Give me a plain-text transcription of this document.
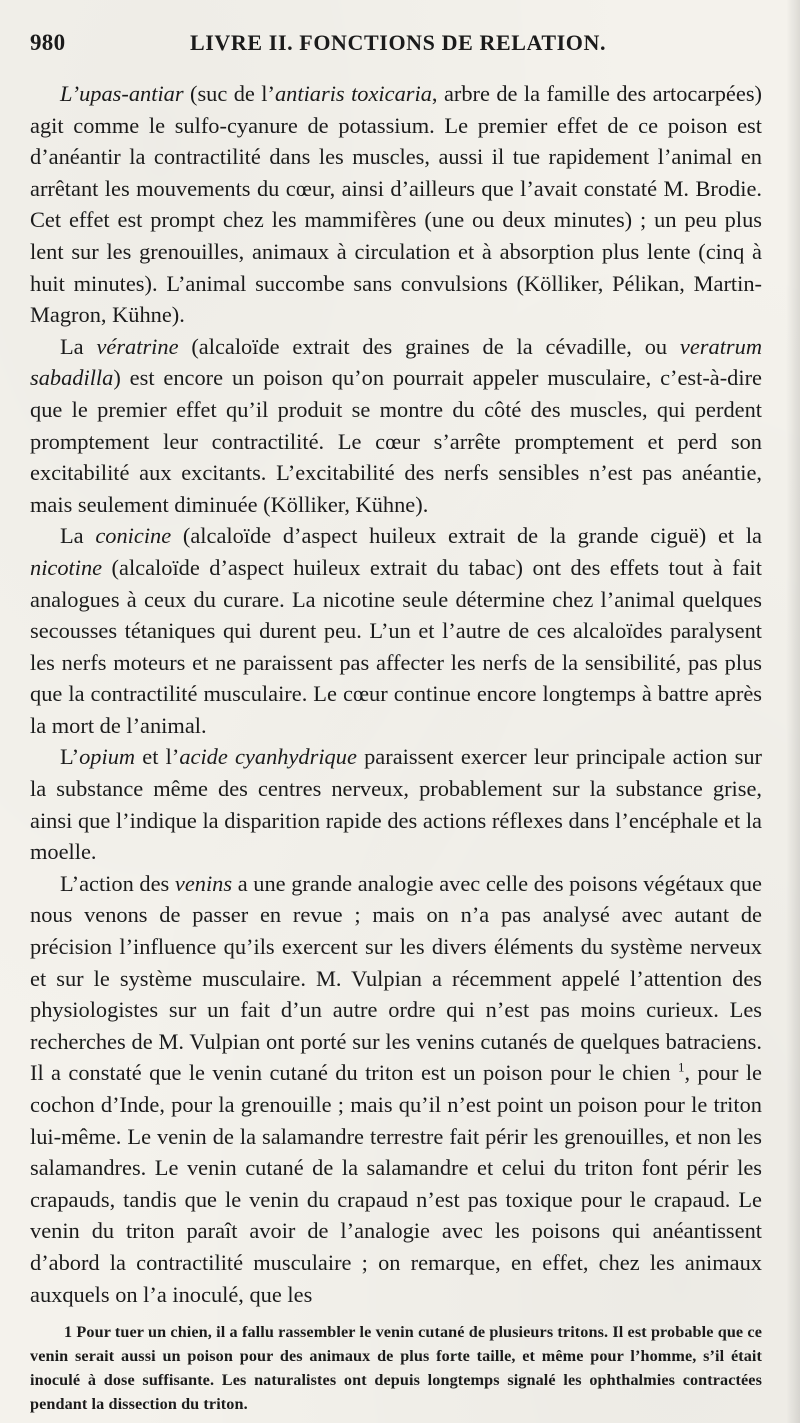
980	LIVRE II. FONCTIONS DE RELATION.

L’upas-antiar (suc de l’antiaris toxicaria, arbre de la famille des artocarpées) agit comme le sulfo-cyanure de potassium. Le premier effet de ce poison est d’anéantir la contractilité dans les muscles, aussi il tue rapidement l’animal en arrêtant les mouvements du cœur, ainsi d’ailleurs que l’avait constaté M. Brodie. Cet effet est prompt chez les mammifères (une ou deux minutes) ; un peu plus lent sur les grenouilles, animaux à circulation et à absorption plus lente (cinq à huit minutes). L’animal succombe sans convulsions (Kölliker, Pélikan, Martin-Magron, Kühne).

La vératrine (alcaloïde extrait des graines de la cévadille, ou veratrum sabadilla) est encore un poison qu’on pourrait appeler musculaire, c’est-à-dire que le premier effet qu’il produit se montre du côté des muscles, qui perdent promptement leur contractilité. Le cœur s’arrête promptement et perd son excitabilité aux excitants. L’excitabilité des nerfs sensibles n’est pas anéantie, mais seulement diminuée (Kölliker, Kühne).

La conicine (alcaloïde d’aspect huileux extrait de la grande ciguë) et la nicotine (alcaloïde d’aspect huileux extrait du tabac) ont des effets tout à fait analogues à ceux du curare. La nicotine seule détermine chez l’animal quelques secousses tétaniques qui durent peu. L’un et l’autre de ces alcaloïdes paralysent les nerfs moteurs et ne paraissent pas affecter les nerfs de la sensibilité, pas plus que la contractilité musculaire. Le cœur continue encore longtemps à battre après la mort de l’animal.

L’opium et l’acide cyanhydrique paraissent exercer leur principale action sur la substance même des centres nerveux, probablement sur la substance grise, ainsi que l’indique la disparition rapide des actions réflexes dans l’encéphale et la moelle.

L’action des venins a une grande analogie avec celle des poisons végétaux que nous venons de passer en revue ; mais on n’a pas analysé avec autant de précision l’influence qu’ils exercent sur les divers éléments du système nerveux et sur le système musculaire. M. Vulpian a récemment appelé l’attention des physiologistes sur un fait d’un autre ordre qui n’est pas moins curieux. Les recherches de M. Vulpian ont porté sur les venins cutanés de quelques batraciens. Il a constaté que le venin cutané du triton est un poison pour le chien $^1$, pour le cochon d’Inde, pour la grenouille ; mais qu’il n’est point un poison pour le triton lui-même. Le venin de la salamandre terrestre fait périr les grenouilles, et non les salamandres. Le venin cutané de la salamandre et celui du triton font périr les crapauds, tandis que le venin du crapaud n’est pas toxique pour le crapaud. Le venin du triton paraît avoir de l’analogie avec les poisons qui anéantissent d’abord la contractilité musculaire ; on remarque, en effet, chez les animaux auxquels on l’a inoculé, que les

1 Pour tuer un chien, il a fallu rassembler le venin cutané de plusieurs tritons. Il est probable que ce venin serait aussi un poison pour des animaux de plus forte taille, et même pour l’homme, s’il était inoculé à dose suffisante. Les naturalistes ont depuis longtemps signalé les ophthalmies contractées pendant la dissection du triton.
